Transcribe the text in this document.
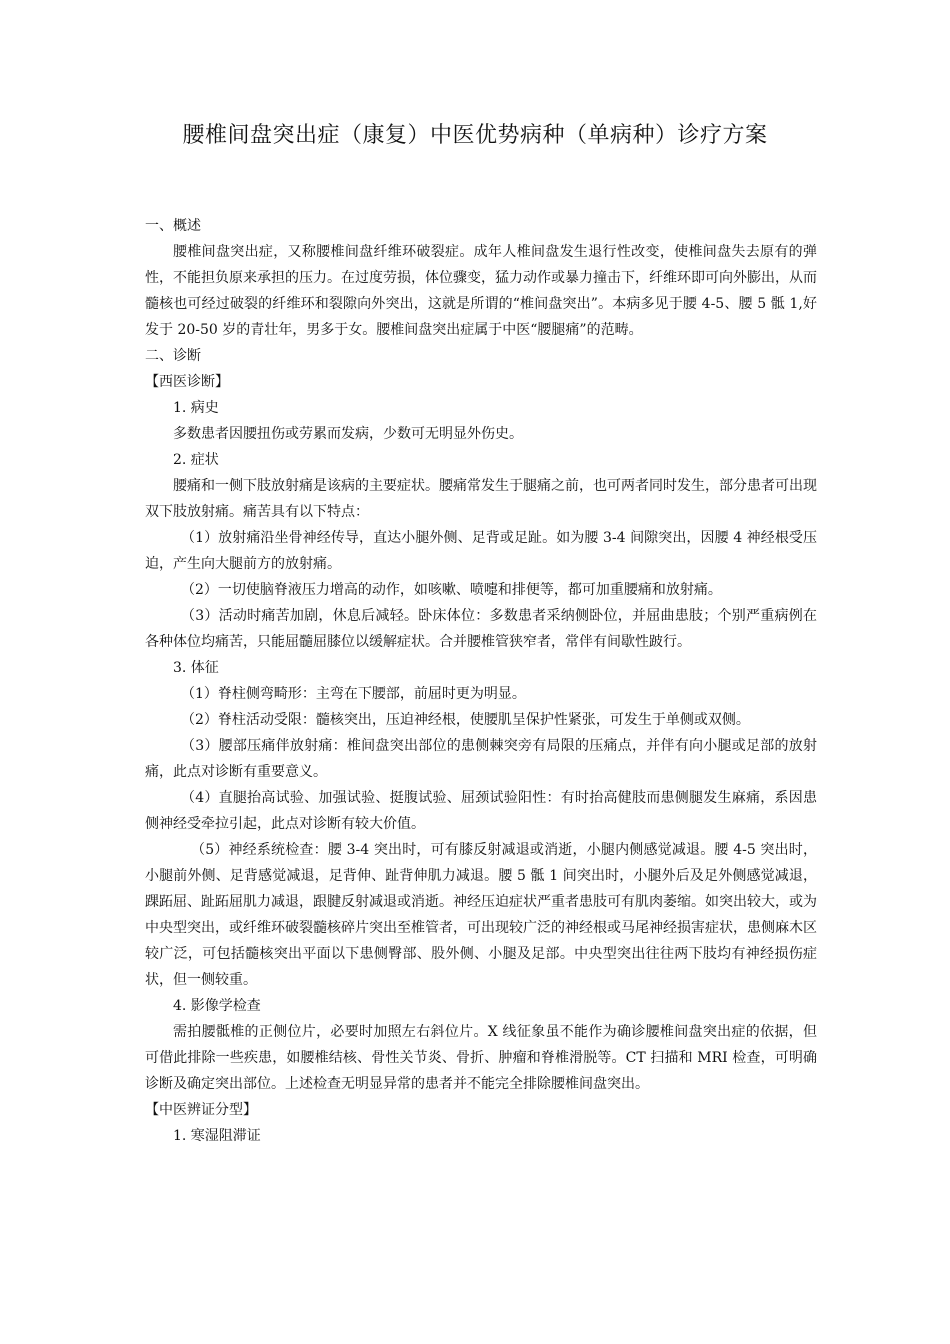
腰椎间盘突出症（康复）中医优势病种（单病种）诊疗方案

一、概述

腰椎间盘突出症，又称腰椎间盘纤维环破裂症。成年人椎间盘发生退行性改变，使椎间盘失去原有的弹性，不能担负原来承担的压力。在过度劳损，体位骤变，猛力动作或暴力撞击下，纤维环即可向外膨出，从而髓核也可经过破裂的纤维环和裂隙向外突出，这就是所谓的“椎间盘突出”。本病多见于腰 4-5、腰 5 骶 1,好发于 20-50 岁的青壮年，男多于女。腰椎间盘突出症属于中医“腰腿痛”的范畴。

二、诊断

【西医诊断】

1. 病史

多数患者因腰扭伤或劳累而发病，少数可无明显外伤史。

2. 症状

腰痛和一侧下肢放射痛是该病的主要症状。腰痛常发生于腿痛之前，也可两者同时发生，部分患者可出现双下肢放射痛。痛苦具有以下特点：

（1）放射痛沿坐骨神经传导，直达小腿外侧、足背或足趾。如为腰 3-4 间隙突出，因腰 4 神经根受压迫，产生向大腿前方的放射痛。

（2）一切使脑脊液压力增高的动作，如咳嗽、喷嚏和排便等，都可加重腰痛和放射痛。

（3）活动时痛苦加剧，休息后减轻。卧床体位：多数患者采纳侧卧位，并屈曲患肢；个别严重病例在各种体位均痛苦，只能屈髓屈膝位以缓解症状。合并腰椎管狭窄者，常伴有间歇性跛行。

3. 体征

（1）脊柱侧弯畸形：主弯在下腰部，前屈时更为明显。

（2）脊柱活动受限：髓核突出，压迫神经根，使腰肌呈保护性紧张，可发生于单侧或双侧。

（3）腰部压痛伴放射痛：椎间盘突出部位的患侧棘突旁有局限的压痛点，并伴有向小腿或足部的放射痛，此点对诊断有重要意义。

（4）直腿抬高试验、加强试验、挺腹试验、屈颈试验阳性：有时抬高健肢而患侧腿发生麻痛，系因患侧神经受牵拉引起，此点对诊断有较大价值。

（5）神经系统检查：腰 3-4 突出时，可有膝反射减退或消逝，小腿内侧感觉减退。腰 4-5 突出时，小腿前外侧、足背感觉减退，足背伸、趾背伸肌力减退。腰 5 骶 1 间突出时，小腿外后及足外侧感觉减退，踝跖屈、趾跖屈肌力减退，跟腱反射减退或消逝。神经压迫症状严重者患肢可有肌肉萎缩。如突出较大，或为中央型突出，或纤维环破裂髓核碎片突出至椎管者，可出现较广泛的神经根或马尾神经损害症状，患侧麻木区较广泛，可包括髓核突出平面以下患侧臀部、股外侧、小腿及足部。中央型突出往往两下肢均有神经损伤症状，但一侧较重。

4. 影像学检查

需拍腰骶椎的正侧位片，必要时加照左右斜位片。X 线征象虽不能作为确诊腰椎间盘突出症的依据，但可借此排除一些疾患，如腰椎结核、骨性关节炎、骨折、肿瘤和脊椎滑脱等。CT 扫描和 MRI 检查，可明确诊断及确定突出部位。上述检查无明显异常的患者并不能完全排除腰椎间盘突出。

【中医辨证分型】

1. 寒湿阻滞证
